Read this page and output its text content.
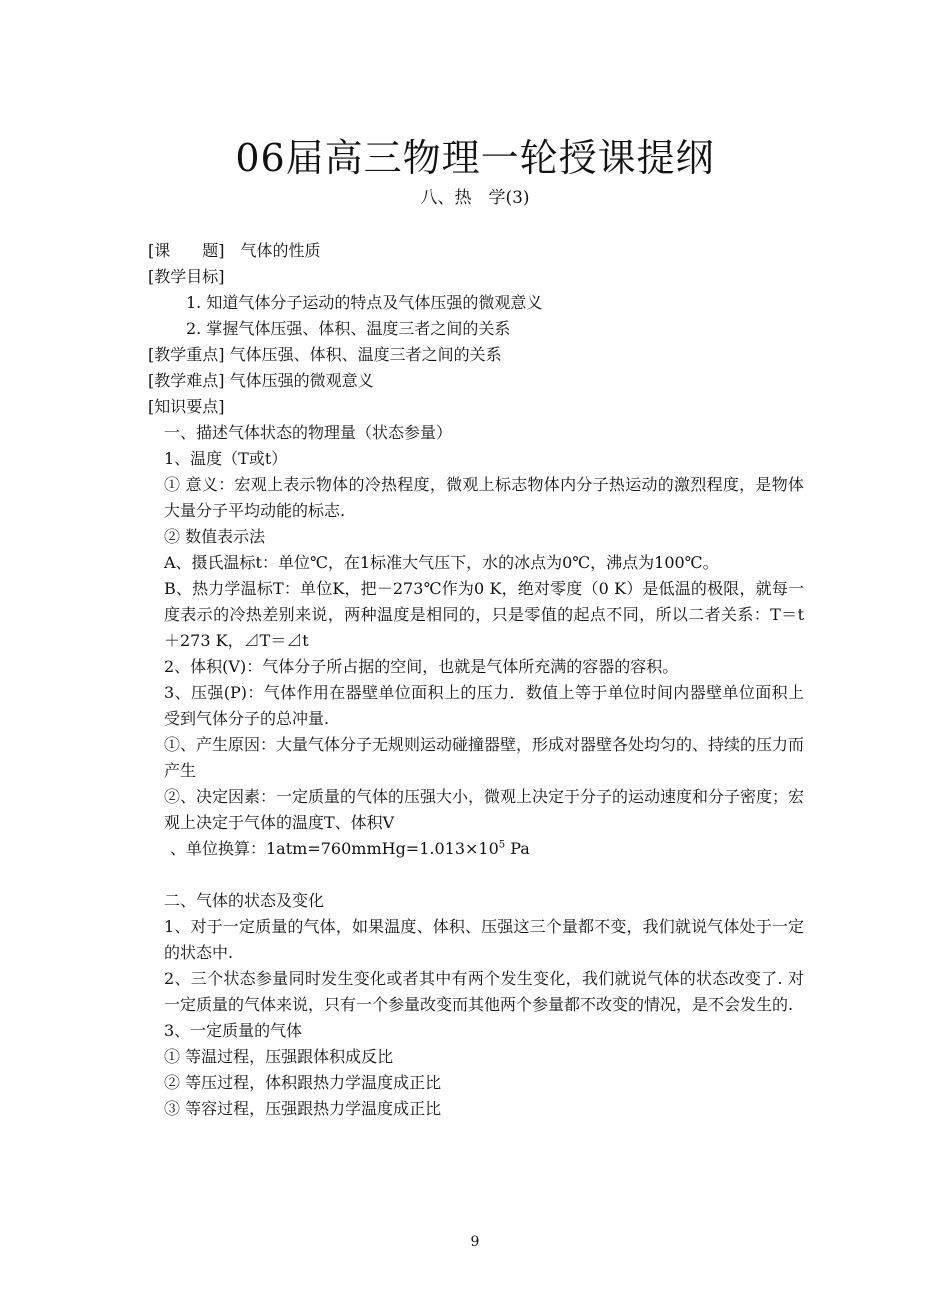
06届高三物理一轮授课提纲
八、热　学(3)

[课　　题]　气体的性质

[教学目标]

1. 知道气体分子运动的特点及气体压强的微观意义

2. 掌握气体压强、体积、温度三者之间的关系

[教学重点] 气体压强、体积、温度三者之间的关系

[教学难点] 气体压强的微观意义

[知识要点]

一、描述气体状态的物理量（状态参量）

1、温度（T或t）

① 意义：宏观上表示物体的冷热程度，微观上标志物体内分子热运动的激烈程度，是物体大量分子平均动能的标志.

② 数值表示法

A、摄氏温标t：单位℃，在1标准大气压下，水的冰点为0℃，沸点为100℃。

B、热力学温标T：单位K，把－273℃作为0 K，绝对零度（0 K）是低温的极限，就每一度表示的冷热差别来说，两种温度是相同的，只是零值的起点不同，所以二者关系：T＝t＋273 K，⊿T＝⊿t

2、体积(V)：气体分子所占据的空间，也就是气体所充满的容器的容积。

3、压强(P)：气体作用在器壁单位面积上的压力．数值上等于单位时间内器壁单位面积上受到气体分子的总冲量.

①、产生原因：大量气体分子无规则运动碰撞器壁，形成对器壁各处均匀的、持续的压力而产生

②、决定因素：一定质量的气体的压强大小，微观上决定于分子的运动速度和分子密度；宏观上决定于气体的温度T、体积V

、单位换算：$1atm=760mmHg=1.013\times 10^5$ Pa

二、气体的状态及变化

1、对于一定质量的气体，如果温度、体积、压强这三个量都不变，我们就说气体处于一定的状态中.

2、三个状态参量同时发生变化或者其中有两个发生变化，我们就说气体的状态改变了. 对一定质量的气体来说，只有一个参量改变而其他两个参量都不改变的情况，是不会发生的.

3、一定质量的气体

① 等温过程，压强跟体积成反比

② 等压过程，体积跟热力学温度成正比

③ 等容过程，压强跟热力学温度成正比

9
